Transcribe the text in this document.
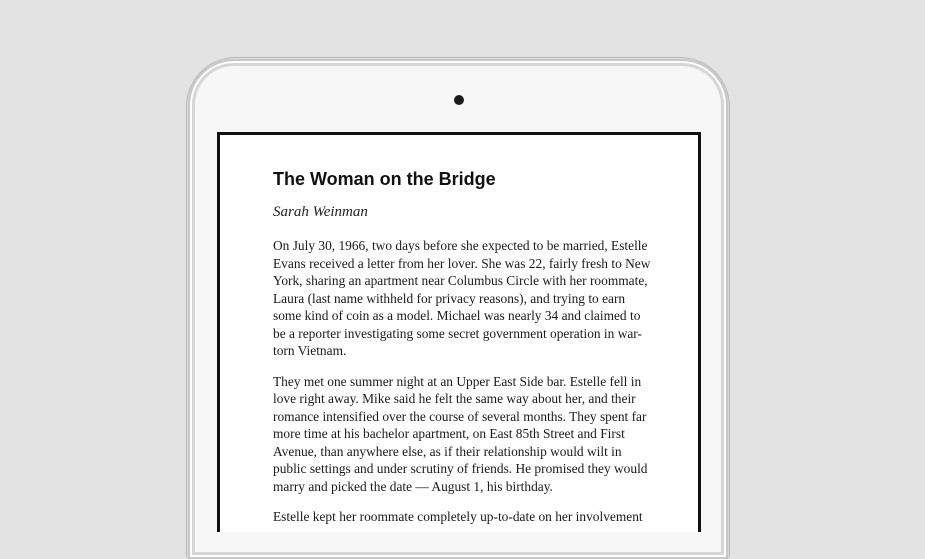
The Woman on the Bridge
Sarah Weinman

On July 30, 1966, two days before she expected to be married, Estelle
Evans received a letter from her lover. She was 22, fairly fresh to New
York, sharing an apartment near Columbus Circle with her roommate,
Laura (last name withheld for privacy reasons), and trying to earn
some kind of coin as a model. Michael was nearly 34 and claimed to
be a reporter investigating some secret government operation in war-
torn Vietnam.

They met one summer night at an Upper East Side bar. Estelle fell in
love right away. Mike said he felt the same way about her, and their
romance intensified over the course of several months. They spent far
more time at his bachelor apartment, on East 85th Street and First
Avenue, than anywhere else, as if their relationship would wilt in
public settings and under scrutiny of friends. He promised they would
marry and picked the date — August 1, his birthday.

Estelle kept her roommate completely up-to-date on her involvement
